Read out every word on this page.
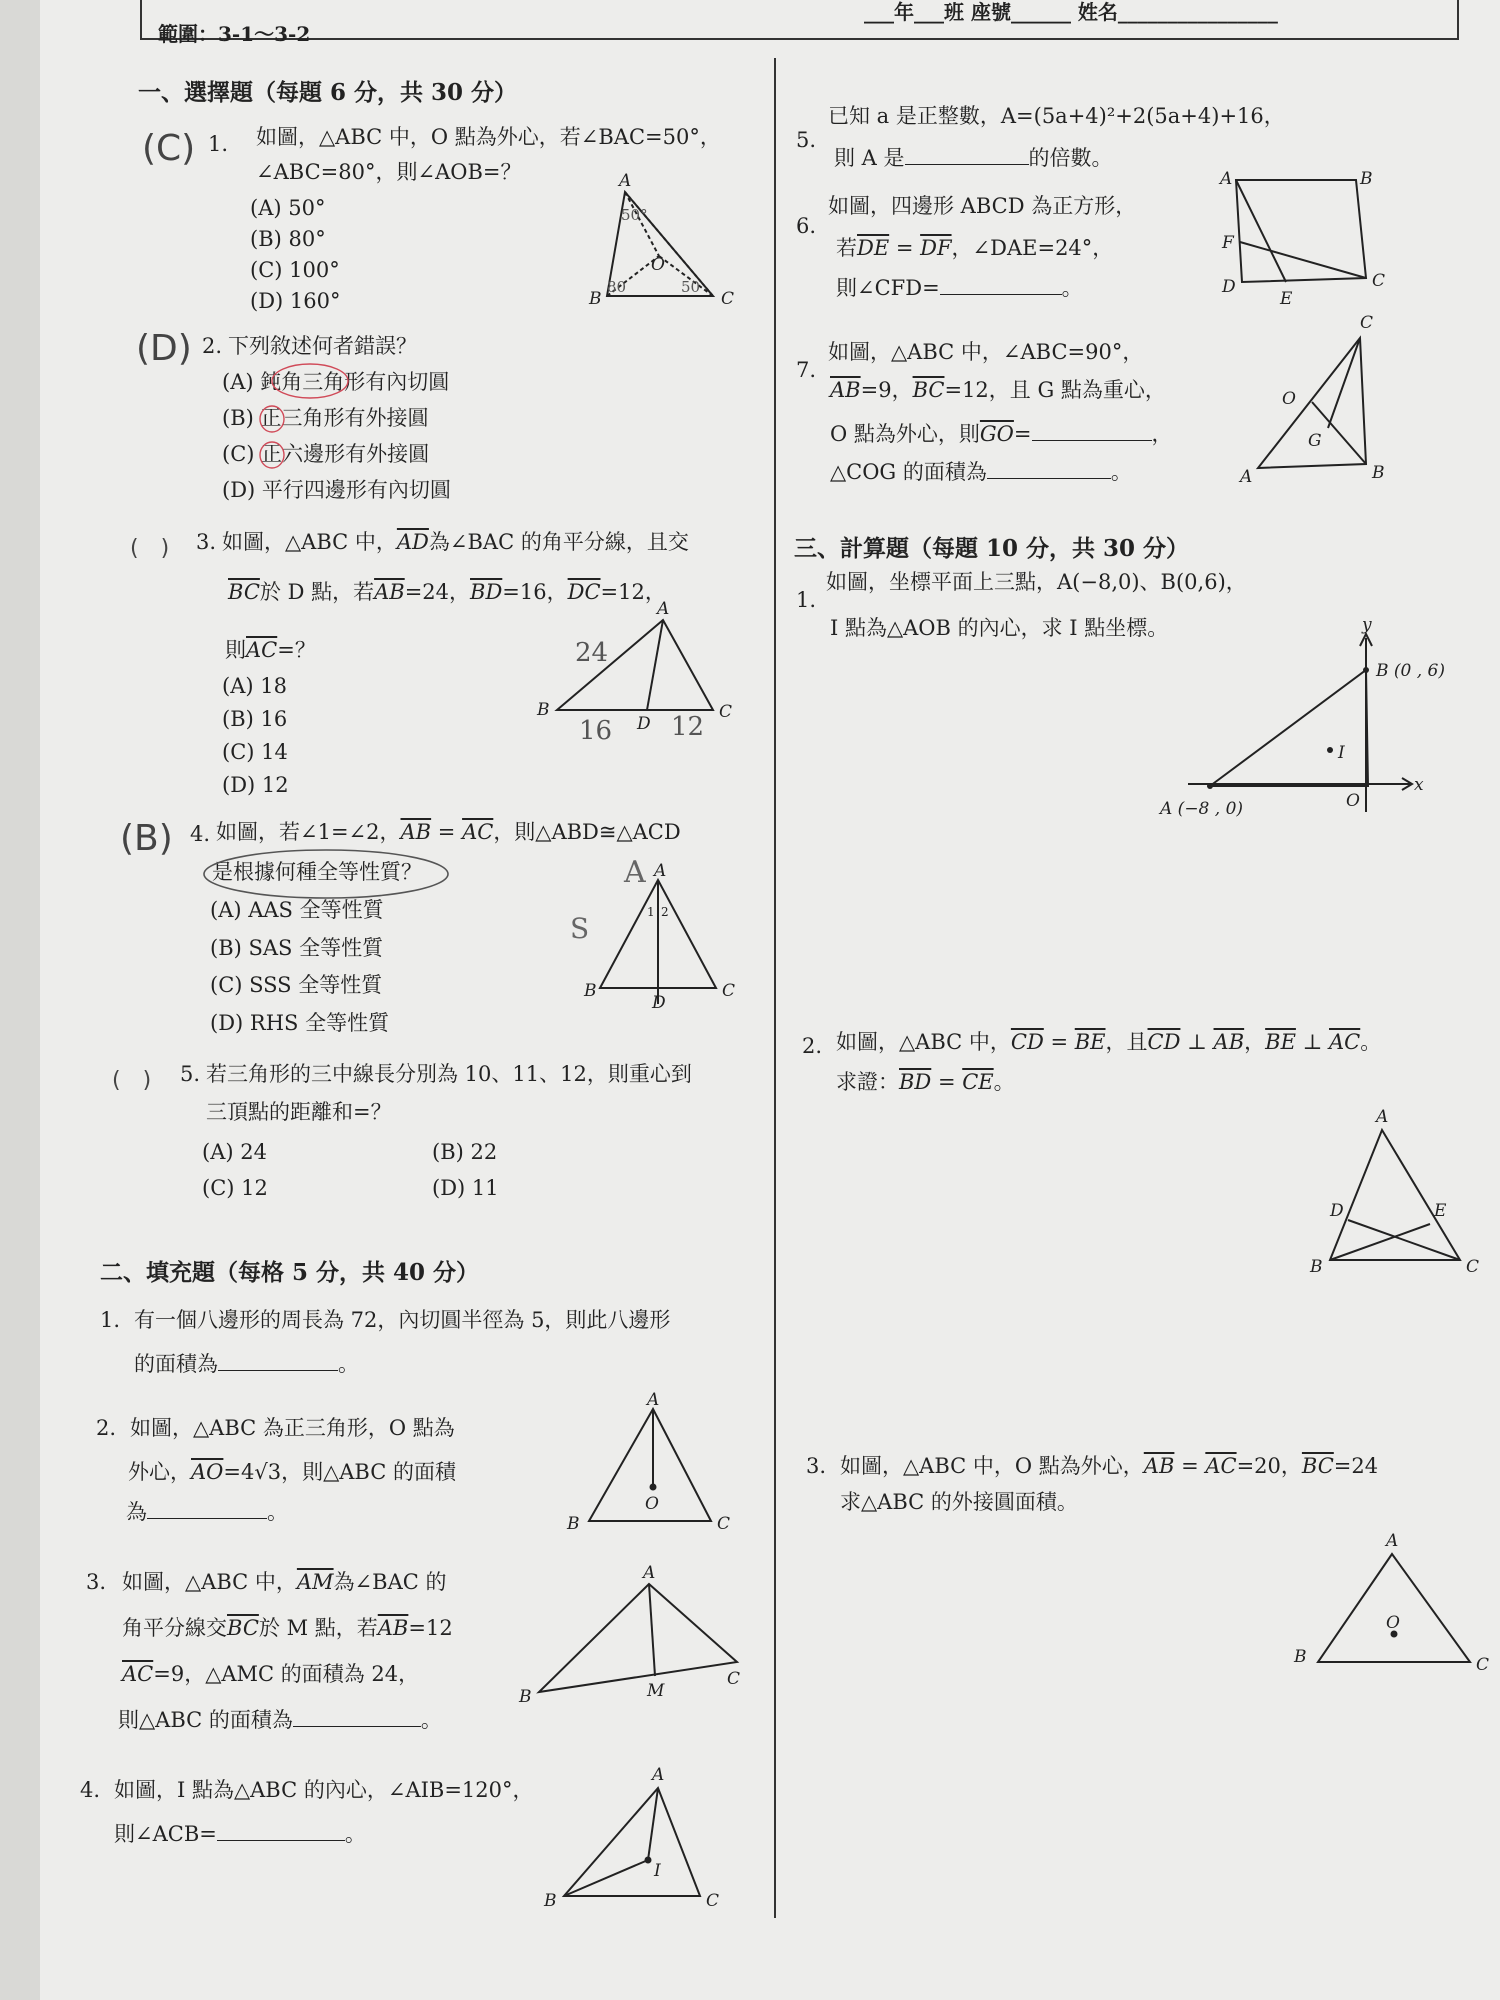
範圍：3-1～3-2
___年___班 座號______ 姓名________________
一、選擇題（每題 6 分，共 30 分）
(C) 1. 如圖，△ABC 中，O 點為外心，若∠BAC=50°，
∠ABC=80°，則∠AOB=？
(A) 50°
(B) 80°
(C) 100°
(D) 160°
A
B	C
O
50°
80	50
(D) 2. 下列敘述何者錯誤？
(A) 鈍角三角形有內切圓
(B) 正三角形有外接圓
(C) 正六邊形有外接圓
(D) 平行四邊形有內切圓
(　) 3. 如圖，△ABC 中，$\overline{AD}$為∠BAC 的角平分線，且交
$\overline{BC}$於 D 點，若$\overline{AB}=24$，$\overline{BD}=16$，$\overline{DC}=12$，
則$\overline{AC}=$？
(A) 18
(B) 16
(C) 14
(D) 12
A
B	C
D
24
16 12
(B) 4. 如圖，若∠1=∠2，$\overline{AB} = \overline{AC}$，則△ABD≅△ACD
是根據何種全等性質？
(A) AAS 全等性質
(B) SAS 全等性質
(C) SSS 全等性質
(D) RHS 全等性質
A
B	C
D
1 2
A
S
(　) 5. 若三角形的三中線長分別為 10、11、12，則重心到
三頂點的距離和=？
(A) 24	(B) 22
(C) 12	(D) 11
二、填充題（每格 5 分，共 40 分）
1. 有一個八邊形的周長為 72，內切圓半徑為 5，則此八邊形
的面積為	。
2. 如圖，△ABC 為正三角形，O 點為
外心，$\overline{AO}=4√3$，則△ABC 的面積
為	。
A
B	C
O
3. 如圖，△ABC 中，$\overline{AM}$為∠BAC 的
角平分線交$\overline{BC}$於 M 點，若$\overline{AB}=12$
$\overline{AC}=9$，△AMC 的面積為 24，
則△ABC 的面積為	。
A
B
C
M
4. 如圖，I 點為△ABC 的內心，∠AIB=120°，
則∠ACB=	。
A
B	C
I
5.
已知 a 是正整數，A=(5a+4)²+2(5a+4)+16，
則 A 是	的倍數。
6.
如圖，四邊形 ABCD 為正方形，
若$\overline{DE} = \overline{DF}$，∠DAE=24°，
則∠CFD=	。
A	B
C
D
E
F
7.
如圖，△ABC 中，∠ABC=90°，
$\overline{AB}=9$，$\overline{BC}=12$，且 G 點為重心，
O 點為外心，則$\overline{GO}=$	，
△COG 的面積為	。
C
A	B
O
G
三、計算題（每題 10 分，共 30 分）
1.
如圖，坐標平面上三點，A(−8,0)、B(0,6)，
I 點為△AOB 的內心，求 I 點坐標。	y
x
B (0 , 6)
A (−8 , 0)	O
I
2. 如圖，△ABC 中，$\overline{CD} = \overline{BE}$，且$\overline{CD}$ ⊥ $\overline{AB}$，$\overline{BE}$ ⊥ $\overline{AC}$。
求證：$\overline{BD} = \overline{CE}$。
A
B	C
D	E
3. 如圖，△ABC 中，O 點為外心，$\overline{AB} = \overline{AC}=20$，$\overline{BC}=24$
求△ABC 的外接圓面積。
A
B	C
O
